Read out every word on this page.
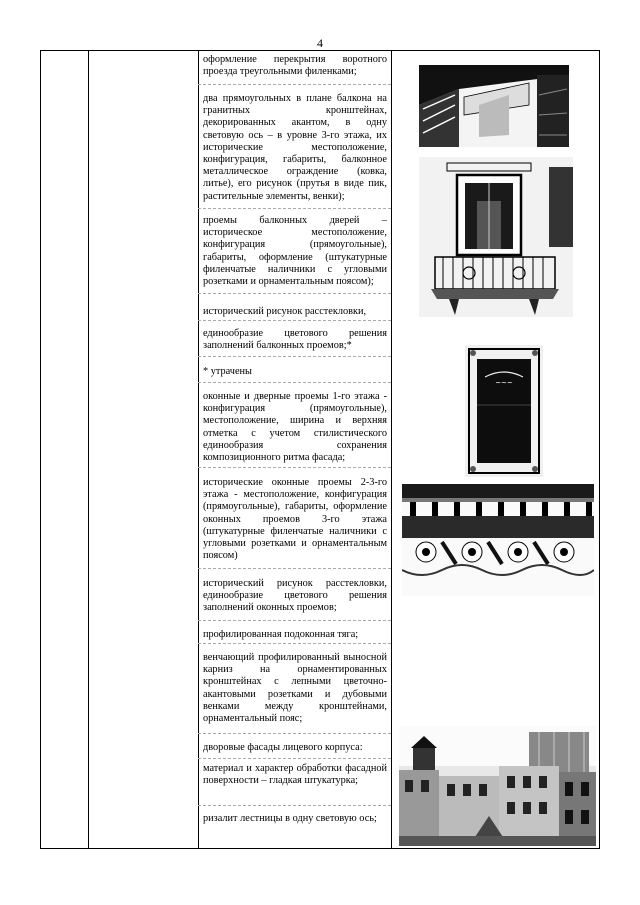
4

оформление перекрытия воротного проезда треугольными филенками;

два прямоугольных в плане балкона на гранитных кронштейнах, декорированных акантом, в одну световую ось – в уровне 3-го этажа, их исторические местоположение, конфигурация, габариты, балконное металлическое ограждение (ковка, литье), его рисунок (прутья в виде пик, растительные элементы, венки);

проемы балконных дверей – историческое местоположение, конфигурация (прямоугольные), габариты, оформление (штукатурные филенчатые наличники с угловыми розетками и орнаментальным поясом);

исторический рисунок расстекловки,

единообразие цветового решения заполнений балконных проемов;*

* утрачены

оконные и дверные проемы 1-го этажа - конфигурация (прямоугольные), местоположение, ширина и верхняя отметка с учетом стилистического единообразия сохранения композиционного ритма фасада;

исторические оконные проемы 2-3-го этажа - местоположение, конфигурация (прямоугольные), габариты, оформление оконных проемов 3-го этажа (штукатурные филенчатые наличники с угловыми розетками и орнаментальным поясом)

исторический рисунок расстекловки, единообразие цветового решения заполнений оконных проемов;

профилированная подоконная тяга;

венчающий профилированный выносной карниз на орнаментированных кронштейнах с лепными цветочно-акантовыми розетками и дубовыми венками между кронштейнами, орнаментальный пояс;

дворовые фасады лицевого корпуса:

материал и характер обработки фасадной поверхности – гладкая штукатурка;

ризалит лестницы в одну световую ось;

~~~
